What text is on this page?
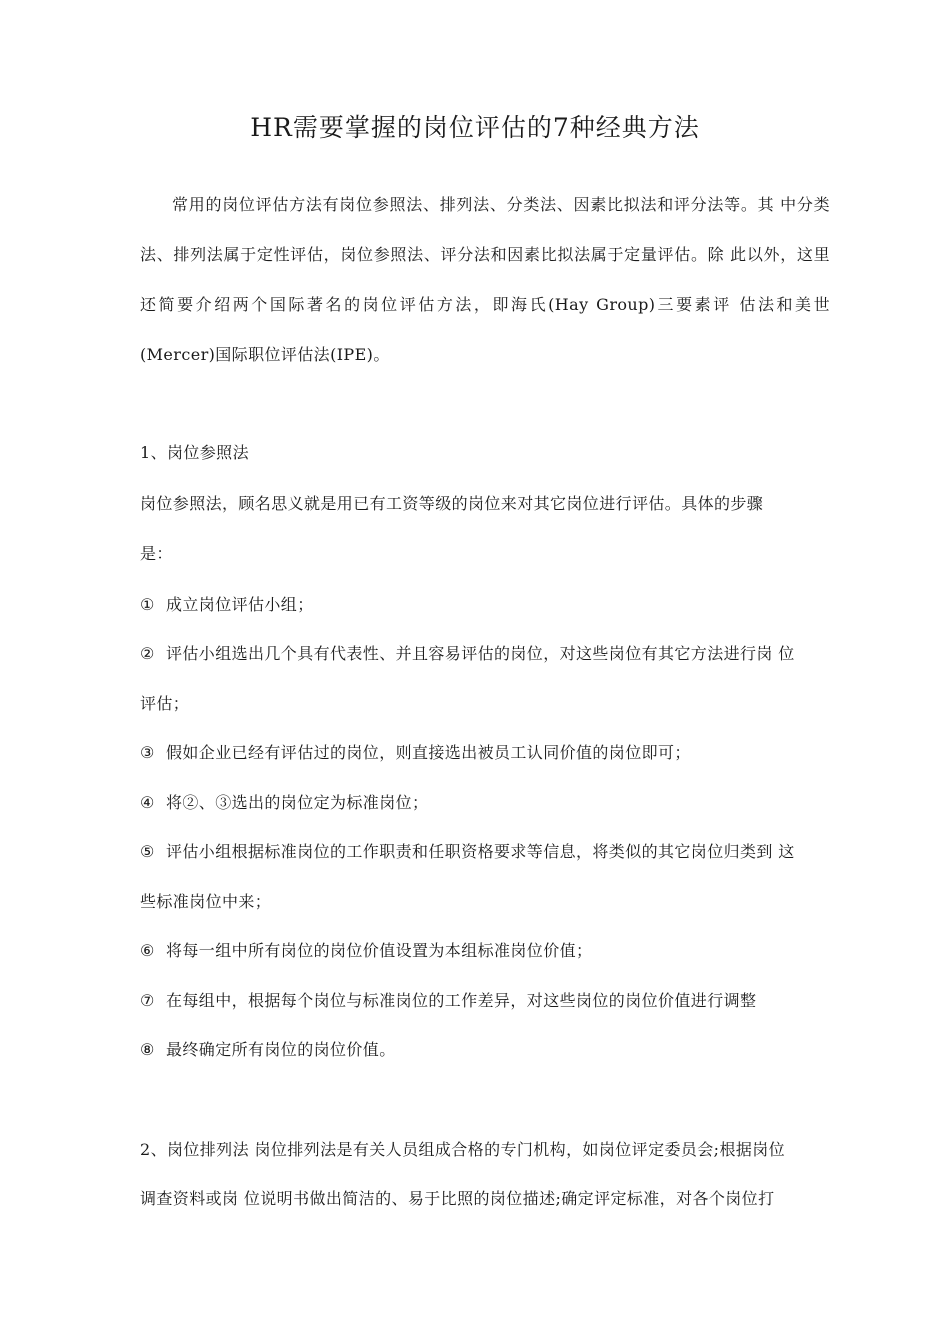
HR需要掌握的岗位评估的7种经典方法

常用的岗位评估方法有岗位参照法、排列法、分类法、因素比拟法和评分法等。其 中分类法、排列法属于定性评估，岗位参照法、评分法和因素比拟法属于定量评估。除 此以外，这里还简要介绍两个国际著名的岗位评估方法，即海氏(Hay Group)三要素评 估法和美世(Mercer)国际职位评估法(IPE)。

1、岗位参照法

岗位参照法，顾名思义就是用已有工资等级的岗位来对其它岗位进行评估。具体的步骤

是：

① 成立岗位评估小组；

② 评估小组选出几个具有代表性、并且容易评估的岗位，对这些岗位有其它方法进行岗 位

评估；

③ 假如企业已经有评估过的岗位，则直接选出被员工认同价值的岗位即可；

④ 将②、③选出的岗位定为标准岗位；

⑤ 评估小组根据标准岗位的工作职责和任职资格要求等信息，将类似的其它岗位归类到 这

些标准岗位中来；

⑥ 将每一组中所有岗位的岗位价值设置为本组标准岗位价值；

⑦ 在每组中，根据每个岗位与标准岗位的工作差异，对这些岗位的岗位价值进行调整

⑧ 最终确定所有岗位的岗位价值。

2、岗位排列法 岗位排列法是有关人员组成合格的专门机构，如岗位评定委员会;根据岗位

调查资料或岗 位说明书做出简洁的、易于比照的岗位描述;确定评定标准，对各个岗位打
